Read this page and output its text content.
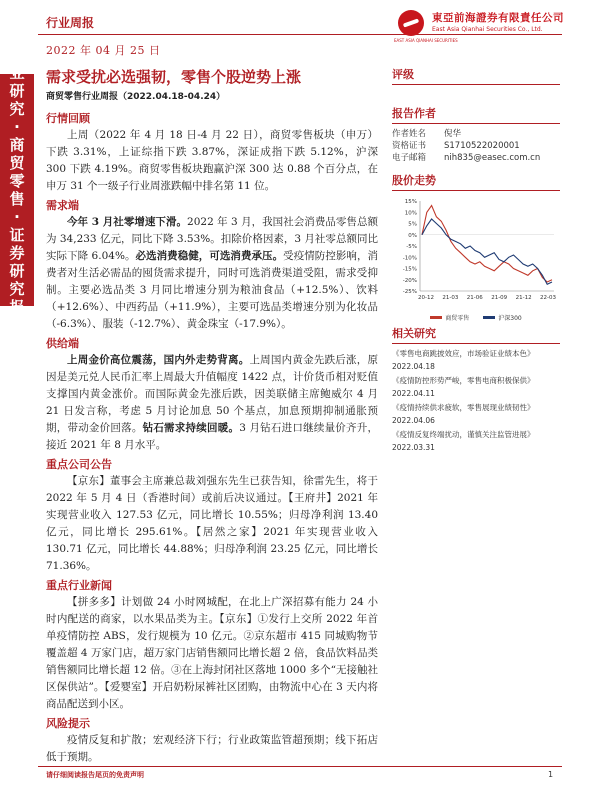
行业周报
2022 年 04 月 25 日
EAST ASIA QIANHAI SECURITIES
東亞前海證券有限責任公司
East Asia Qianhai Securities Co., Ltd.
行
业
研
究
·
商
贸
零
售
·
证
券
研
究
报
告
需求受扰必选强韧，零售个股逆势上涨
商贸零售行业周报（2022.04.18-04.24）
行情回顾

上周（2022 年 4 月 18 日-4 月 22 日），商贸零售板块（申万）下跌 3.31%，上证综指下跌 3.87%，深证成指下跌 5.12%，沪深 300 下跌 4.19%。商贸零售板块跑赢沪深 300 达 0.88 个百分点，在申万 31 个一级子行业周涨跌幅中排名第 11 位。

需求端

今年 3 月社零增速下滑。2022 年 3 月，我国社会消费品零售总额为 34,233 亿元，同比下降 3.53%。扣除价格因素，3 月社零总额同比实际下降 6.04%。必选消费稳健，可选消费承压。受疫情防控影响，消费者对生活必需品的囤货需求提升，同时可选消费渠道受阻，需求受抑制。主要必选品类 3 月同比增速分别为粮油食品（+12.5%）、饮料（+12.6%）、中西药品（+11.9%），主要可选品类增速分别为化妆品（-6.3%）、服装（-12.7%）、黄金珠宝（-17.9%）。

供给端

上周金价高位震荡，国内外走势背离。上周国内黄金先跌后涨，原因是美元兑人民币汇率上周最大升值幅度 1422 点，计价货币相对贬值支撑国内黄金涨价。而国际黄金先涨后跌，因美联储主席鲍威尔 4 月 21 日发言称，考虑 5 月讨论加息 50 个基点，加息预期抑制通胀预期，带动金价回落。钻石需求持续回暖。3 月钻石进口继续量价齐升，接近 2021 年 8 月水平。

重点公司公告

【京东】董事会主席兼总裁刘强东先生已获告知，徐雷先生，将于 2022 年 5 月 4 日（香港时间）或前后决议通过。【王府井】2021 年实现营业收入 127.53 亿元，同比增长 10.55%；归母净利润 13.40 亿元，同比增长 295.61%。【居然之家】2021 年实现营业收入 130.71 亿元，同比增长 44.88%；归母净利润 23.25 亿元，同比增长 71.36%。

重点行业新闻

【拼多多】计划做 24 小时网城配，在北上广深招募有能力 24 小时内配送的商家，以水果品类为主。【京东】①发行上交所 2022 年首单疫情防控 ABS，发行规模为 10 亿元。②京东超市 415 同城购物节覆盖超 4 万家门店，超万家门店销售额同比增长超 2 倍，食品饮料品类销售额同比增长超 12 倍。③在上海封闭社区落地 1000 多个“无接触社区保供站”。【爱婴室】开启奶粉尿裤社区团购，由物流中心在 3 天内将商品配送到小区。

风险提示

疫情反复和扩散；宏观经济下行；行业政策监管超预期；线下拓店低于预期。

评级
报告作者
作者姓名	倪华
资格证书	S1710522020001
电子邮箱	nih835@easec.com.cn
股价走势
15%
10%
5%
0%
-5%
-10%
-15%
-20%
-25%
20-12 21-03 21-06 21-09 21-12 22-03
商贸零售	沪深300
相关研究
《零售电商跳披效应，市场验证业绩本色》
2022.04.18
《疫情防控形势严峻，零售电商积极保供》
2022.04.11
《疫情持续供求疲软，零售展现业绩韧性》
2022.04.06
《疫情反复终端扰动，谨慎关注监管进展》
2022.03.31
请仔细阅读报告尾页的免责声明	1
